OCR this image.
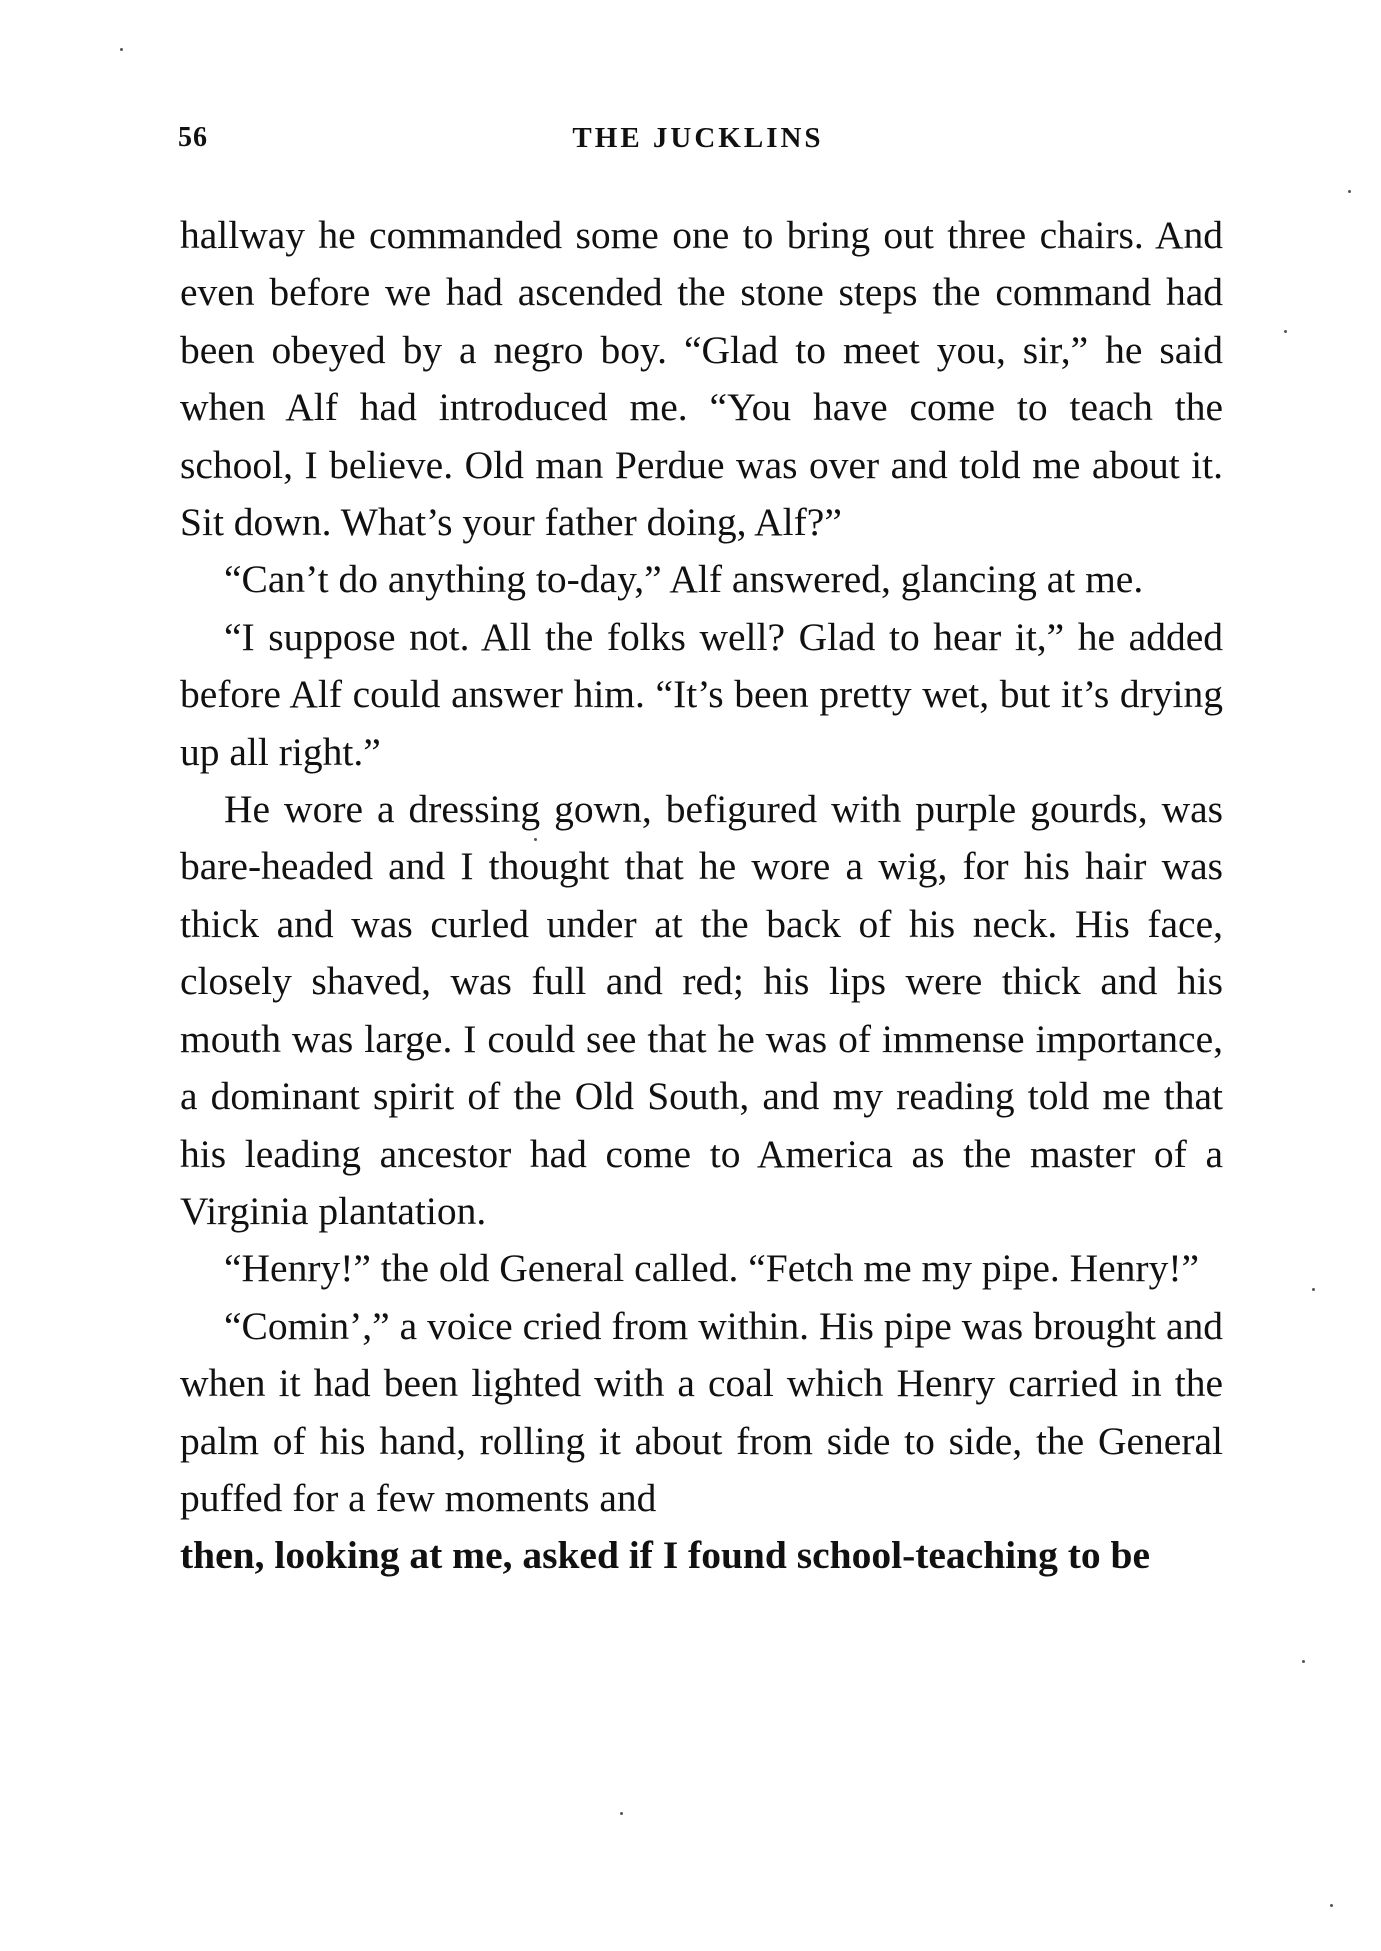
56	THE JUCKLINS

hallway he commanded some one to bring out three chairs. And even before we had ascended the stone steps the command had been obeyed by a negro boy. “Glad to meet you, sir,” he said when Alf had introduced me. “You have come to teach the school, I believe. Old man Perdue was over and told me about it. Sit down. What’s your father doing, Alf?”

“Can’t do anything to-day,” Alf answered, glancing at me.

“I suppose not. All the folks well? Glad to hear it,” he added before Alf could answer him. “It’s been pretty wet, but it’s drying up all right.”

He wore a dressing gown, befigured with purple gourds, was bare-headed and I thought that he wore a wig, for his hair was thick and was curled under at the back of his neck. His face, closely shaved, was full and red; his lips were thick and his mouth was large. I could see that he was of immense importance, a dominant spirit of the Old South, and my reading told me that his leading ancestor had come to America as the master of a Virginia plantation.

“Henry!” the old General called. “Fetch me my pipe. Henry!”

“Comin’,” a voice cried from within. His pipe was brought and when it had been lighted with a coal which Henry carried in the palm of his hand, rolling it about from side to side, the General puffed for a few moments and

then, looking at me, asked if I found school-teaching to be
